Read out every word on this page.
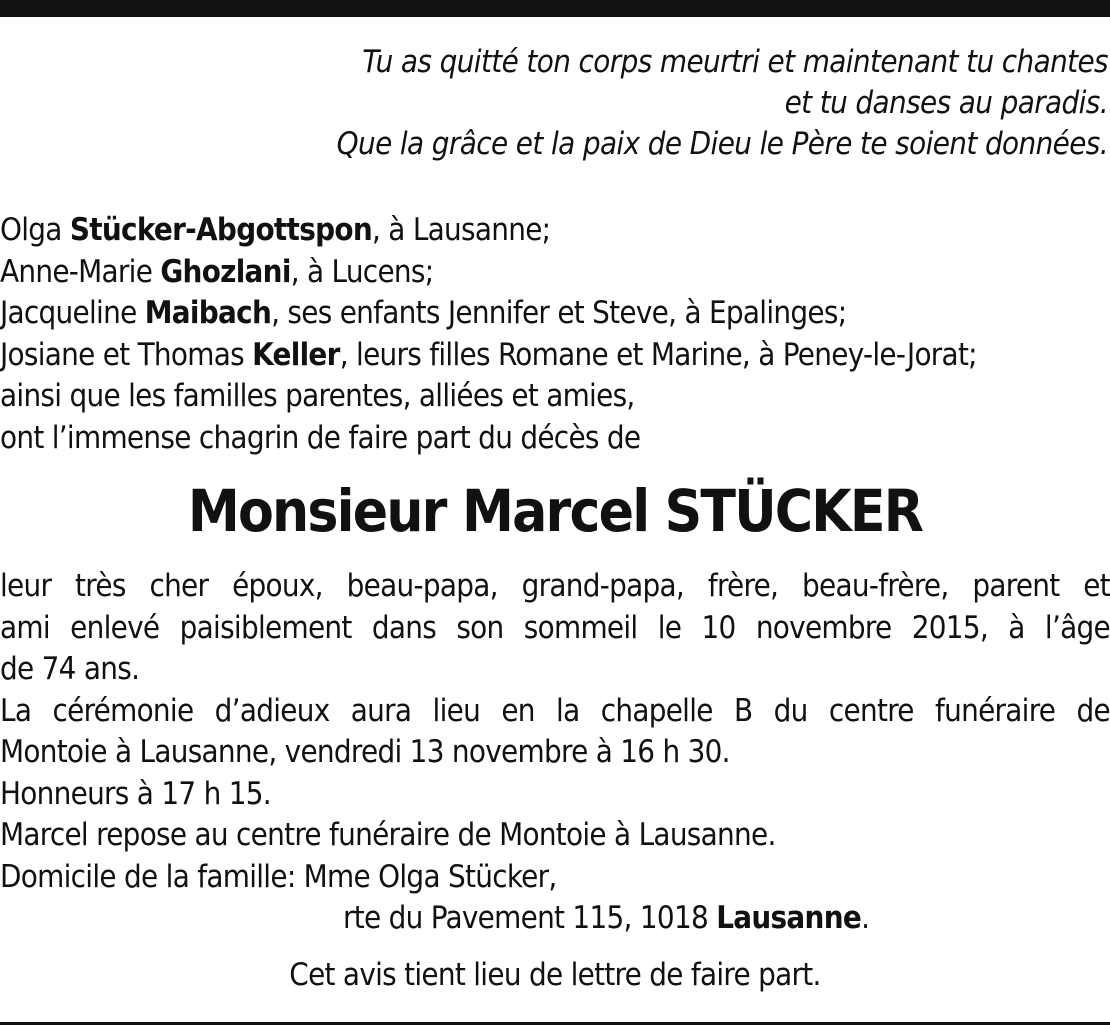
Tu as quitté ton corps meurtri et maintenant tu chantes
et tu danses au paradis.
Que la grâce et la paix de Dieu le Père te soient données.
Olga Stücker-Abgottspon, à Lausanne;
Anne-Marie Ghozlani, à Lucens;
Jacqueline Maibach, ses enfants Jennifer et Steve, à Epalinges;
Josiane et Thomas Keller, leurs filles Romane et Marine, à Peney-le-Jorat;
ainsi que les familles parentes, alliées et amies,
ont l’immense chagrin de faire part du décès de
Monsieur Marcel STÜCKER
leur très cher époux, beau-papa, grand-papa, frère, beau-frère, parent et
ami enlevé paisiblement dans son sommeil le 10 novembre 2015, à l’âge
de 74 ans.
La cérémonie d’adieux aura lieu en la chapelle B du centre funéraire de
Montoie à Lausanne, vendredi 13 novembre à 16 h 30.
Honneurs à 17 h 15.
Marcel repose au centre funéraire de Montoie à Lausanne.
Domicile de la famille: Mme Olga Stücker,
rte du Pavement 115, 1018 Lausanne.
Cet avis tient lieu de lettre de faire part.
